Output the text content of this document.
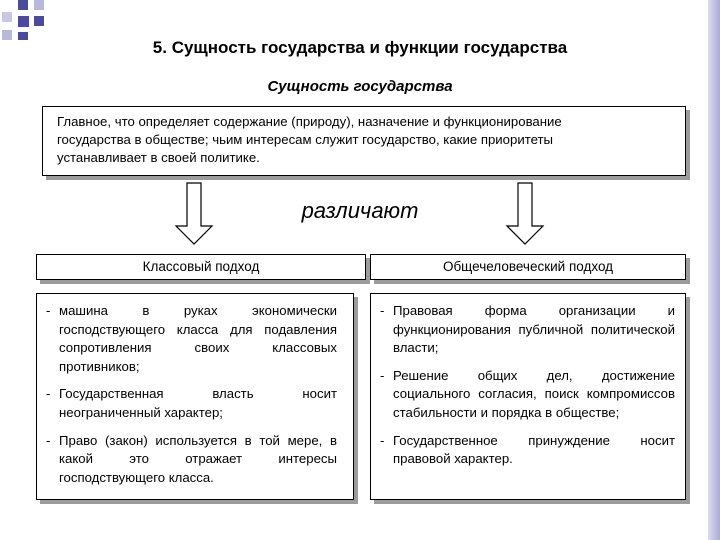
5. Сущность государства и функции государства
Сущность государства
Главное, что определяет содержание (природу), назначение и функционирование
государства в обществе; чьим интересам служит государство, какие приоритеты
устанавливает в своей политике.
различают
Классовый подход	Общечеловеческий подход
- машина в руках экономически господствующего класса для подавления сопротивления своих классовых противников;
- Государственная власть носит неограниченный характер;
- Право (закон) используется в той мере, в какой это отражает интересы господствующего класса.
- Правовая форма организации и функционирования публичной политической власти;
- Решение общих дел, достижение социального согласия, поиск компромиссов стабильности и порядка в обществе;
- Государственное принуждение носит правовой характер.
